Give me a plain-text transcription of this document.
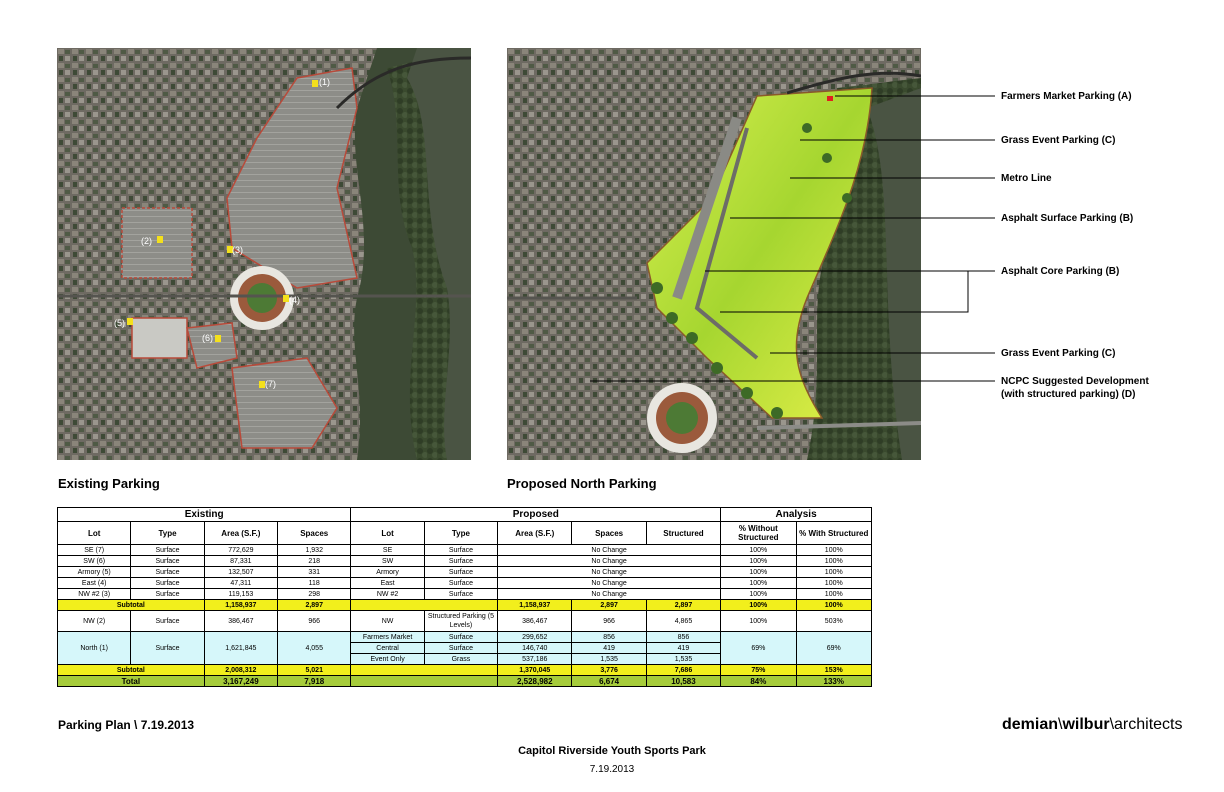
(1)
(2)
(3)
(4)
(5)
(6)
(7)
Existing Parking	Proposed North Parking
Farmers Market Parking (A)
Grass Event Parking (C)
Metro Line
Asphalt Surface Parking (B)
Asphalt Core Parking (B)
Grass Event Parking (C)
NCPC Suggested Development
(with structured parking) (D)
Existing				Proposed					Analysis	
Lot	Type	Area (S.F.)	Spaces	Lot	Type	Area (S.F.)	Spaces	Structured	% Without Structured	% With Structured
SE (7)	Surface	772,629	1,932	SE	Surface	No Change			100%	100%
SW (6)	Surface	87,331	218	SW	Surface	No Change			100%	100%
Armory (5)	Surface	132,507	331	Armory	Surface	No Change			100%	100%
East (4)	Surface	47,311	118	East	Surface	No Change			100%	100%
NW #2 (3)	Surface	119,153	298	NW #2	Surface	No Change			100%	100%
Subtotal		1,158,937	2,897			1,158,937	2,897	2,897	100%	100%
NW (2)	Surface	386,467	966	NW	Structured Parking (5 Levels)	386,467	966	4,865	100%	503%
North (1)	Surface	1,621,845	4,055	Farmers Market	Surface	299,652	856	856	69%	69%
				Central	Surface	146,740	419	419		
				Event Only	Grass	537,186	1,535	1,535		
Subtotal		2,008,312	5,021			1,370,045	3,776	7,686	75%	153%
Total		3,167,249	7,918			2,528,982	6,674	10,583	84%	133%
Parking Plan \ 7.19.2013	demian\wilbur\architects
Capitol Riverside Youth Sports Park
7.19.2013
